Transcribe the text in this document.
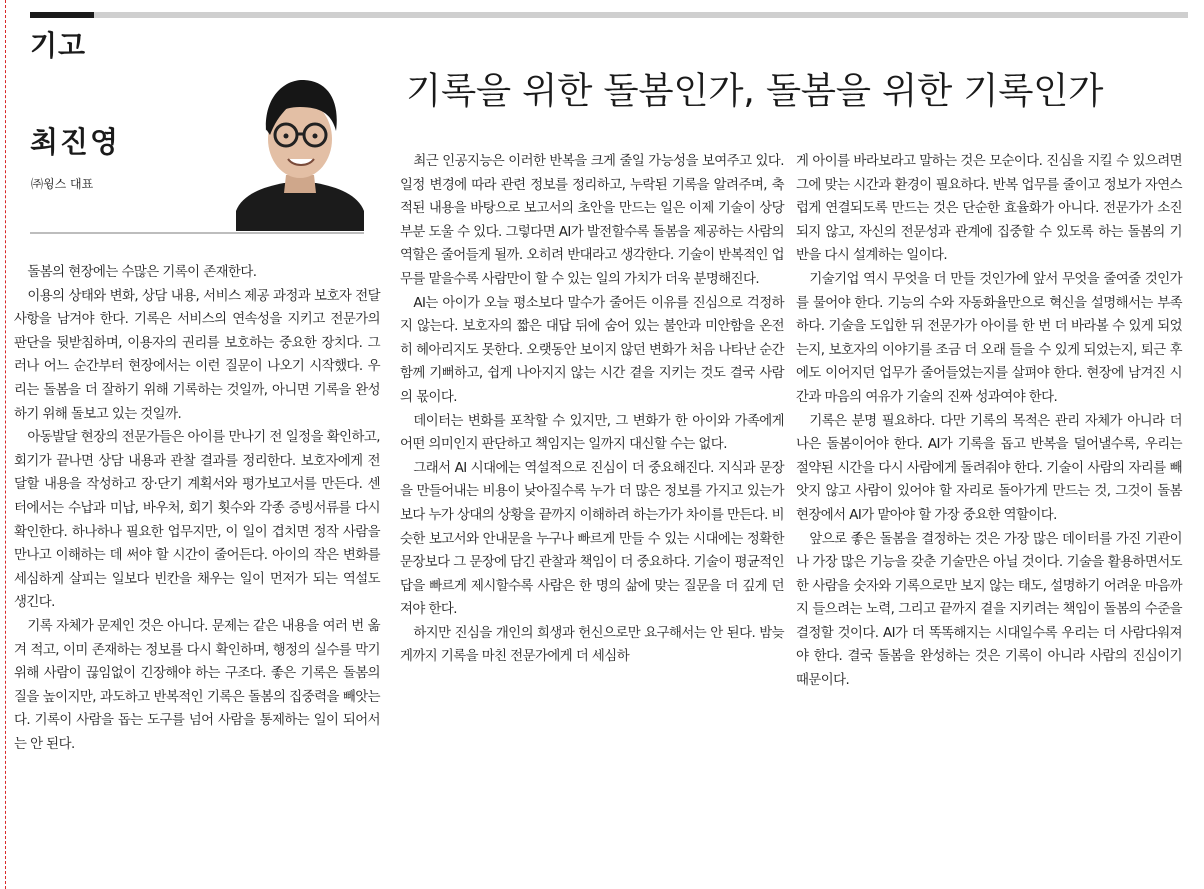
기고
최진영

㈜윙스 대표

기록을 위한 돌봄인가, 돌봄을 위한 기록인가

돌봄의 현장에는 수많은 기록이 존재한다.

이용의 상태와 변화, 상담 내용, 서비스 제공 과정과 보호자 전달사항을 남겨야 한다. 기록은 서비스의 연속성을 지키고 전문가의 판단을 뒷받침하며, 이용자의 권리를 보호하는 중요한 장치다. 그러나 어느 순간부터 현장에서는 이런 질문이 나오기 시작했다. 우리는 돌봄을 더 잘하기 위해 기록하는 것일까, 아니면 기록을 완성하기 위해 돌보고 있는 것일까.

아동발달 현장의 전문가들은 아이를 만나기 전 일정을 확인하고, 회기가 끝나면 상담 내용과 관찰 결과를 정리한다. 보호자에게 전달할 내용을 작성하고 장·단기 계획서와 평가보고서를 만든다. 센터에서는 수납과 미납, 바우처, 회기 횟수와 각종 증빙서류를 다시 확인한다. 하나하나 필요한 업무지만, 이 일이 겹치면 정작 사람을 만나고 이해하는 데 써야 할 시간이 줄어든다. 아이의 작은 변화를 세심하게 살피는 일보다 빈칸을 채우는 일이 먼저가 되는 역설도 생긴다.

기록 자체가 문제인 것은 아니다. 문제는 같은 내용을 여러 번 옮겨 적고, 이미 존재하는 정보를 다시 확인하며, 행정의 실수를 막기 위해 사람이 끊임없이 긴장해야 하는 구조다. 좋은 기록은 돌봄의 질을 높이지만, 과도하고 반복적인 기록은 돌봄의 집중력을 빼앗는다. 기록이 사람을 돕는 도구를 넘어 사람을 통제하는 일이 되어서는 안 된다.

최근 인공지능은 이러한 반복을 크게 줄일 가능성을 보여주고 있다. 일정 변경에 따라 관련 정보를 정리하고, 누락된 기록을 알려주며, 축적된 내용을 바탕으로 보고서의 초안을 만드는 일은 이제 기술이 상당 부분 도울 수 있다. 그렇다면 AI가 발전할수록 돌봄을 제공하는 사람의 역할은 줄어들게 될까. 오히려 반대라고 생각한다. 기술이 반복적인 업무를 맡을수록 사람만이 할 수 있는 일의 가치가 더욱 분명해진다.

AI는 아이가 오늘 평소보다 말수가 줄어든 이유를 진심으로 걱정하지 않는다. 보호자의 짧은 대답 뒤에 숨어 있는 불안과 미안함을 온전히 헤아리지도 못한다. 오랫동안 보이지 않던 변화가 처음 나타난 순간 함께 기뻐하고, 쉽게 나아지지 않는 시간 곁을 지키는 것도 결국 사람의 몫이다.

데이터는 변화를 포착할 수 있지만, 그 변화가 한 아이와 가족에게 어떤 의미인지 판단하고 책임지는 일까지 대신할 수는 없다.

그래서 AI 시대에는 역설적으로 진심이 더 중요해진다. 지식과 문장을 만들어내는 비용이 낮아질수록 누가 더 많은 정보를 가지고 있는가보다 누가 상대의 상황을 끝까지 이해하려 하는가가 차이를 만든다. 비슷한 보고서와 안내문을 누구나 빠르게 만들 수 있는 시대에는 정확한 문장보다 그 문장에 담긴 관찰과 책임이 더 중요하다. 기술이 평균적인 답을 빠르게 제시할수록 사람은 한 명의 삶에 맞는 질문을 더 깊게 던져야 한다.

하지만 진심을 개인의 희생과 헌신으로만 요구해서는 안 된다. 밤늦게까지 기록을 마친 전문가에게 더 세심하

게 아이를 바라보라고 말하는 것은 모순이다. 진심을 지킬 수 있으려면 그에 맞는 시간과 환경이 필요하다. 반복 업무를 줄이고 정보가 자연스럽게 연결되도록 만드는 것은 단순한 효율화가 아니다. 전문가가 소진되지 않고, 자신의 전문성과 관계에 집중할 수 있도록 하는 돌봄의 기반을 다시 설계하는 일이다.

기술기업 역시 무엇을 더 만들 것인가에 앞서 무엇을 줄여줄 것인가를 물어야 한다. 기능의 수와 자동화율만으로 혁신을 설명해서는 부족하다. 기술을 도입한 뒤 전문가가 아이를 한 번 더 바라볼 수 있게 되었는지, 보호자의 이야기를 조금 더 오래 들을 수 있게 되었는지, 퇴근 후에도 이어지던 업무가 줄어들었는지를 살펴야 한다. 현장에 남겨진 시간과 마음의 여유가 기술의 진짜 성과여야 한다.

기록은 분명 필요하다. 다만 기록의 목적은 관리 자체가 아니라 더 나은 돌봄이어야 한다. AI가 기록을 돕고 반복을 덜어낼수록, 우리는 절약된 시간을 다시 사람에게 돌려줘야 한다. 기술이 사람의 자리를 빼앗지 않고 사람이 있어야 할 자리로 돌아가게 만드는 것, 그것이 돌봄 현장에서 AI가 맡아야 할 가장 중요한 역할이다.

앞으로 좋은 돌봄을 결정하는 것은 가장 많은 데이터를 가진 기관이나 가장 많은 기능을 갖춘 기술만은 아닐 것이다. 기술을 활용하면서도 한 사람을 숫자와 기록으로만 보지 않는 태도, 설명하기 어려운 마음까지 들으려는 노력, 그리고 끝까지 곁을 지키려는 책임이 돌봄의 수준을 결정할 것이다. AI가 더 똑똑해지는 시대일수록 우리는 더 사람다워져야 한다. 결국 돌봄을 완성하는 것은 기록이 아니라 사람의 진심이기 때문이다.
